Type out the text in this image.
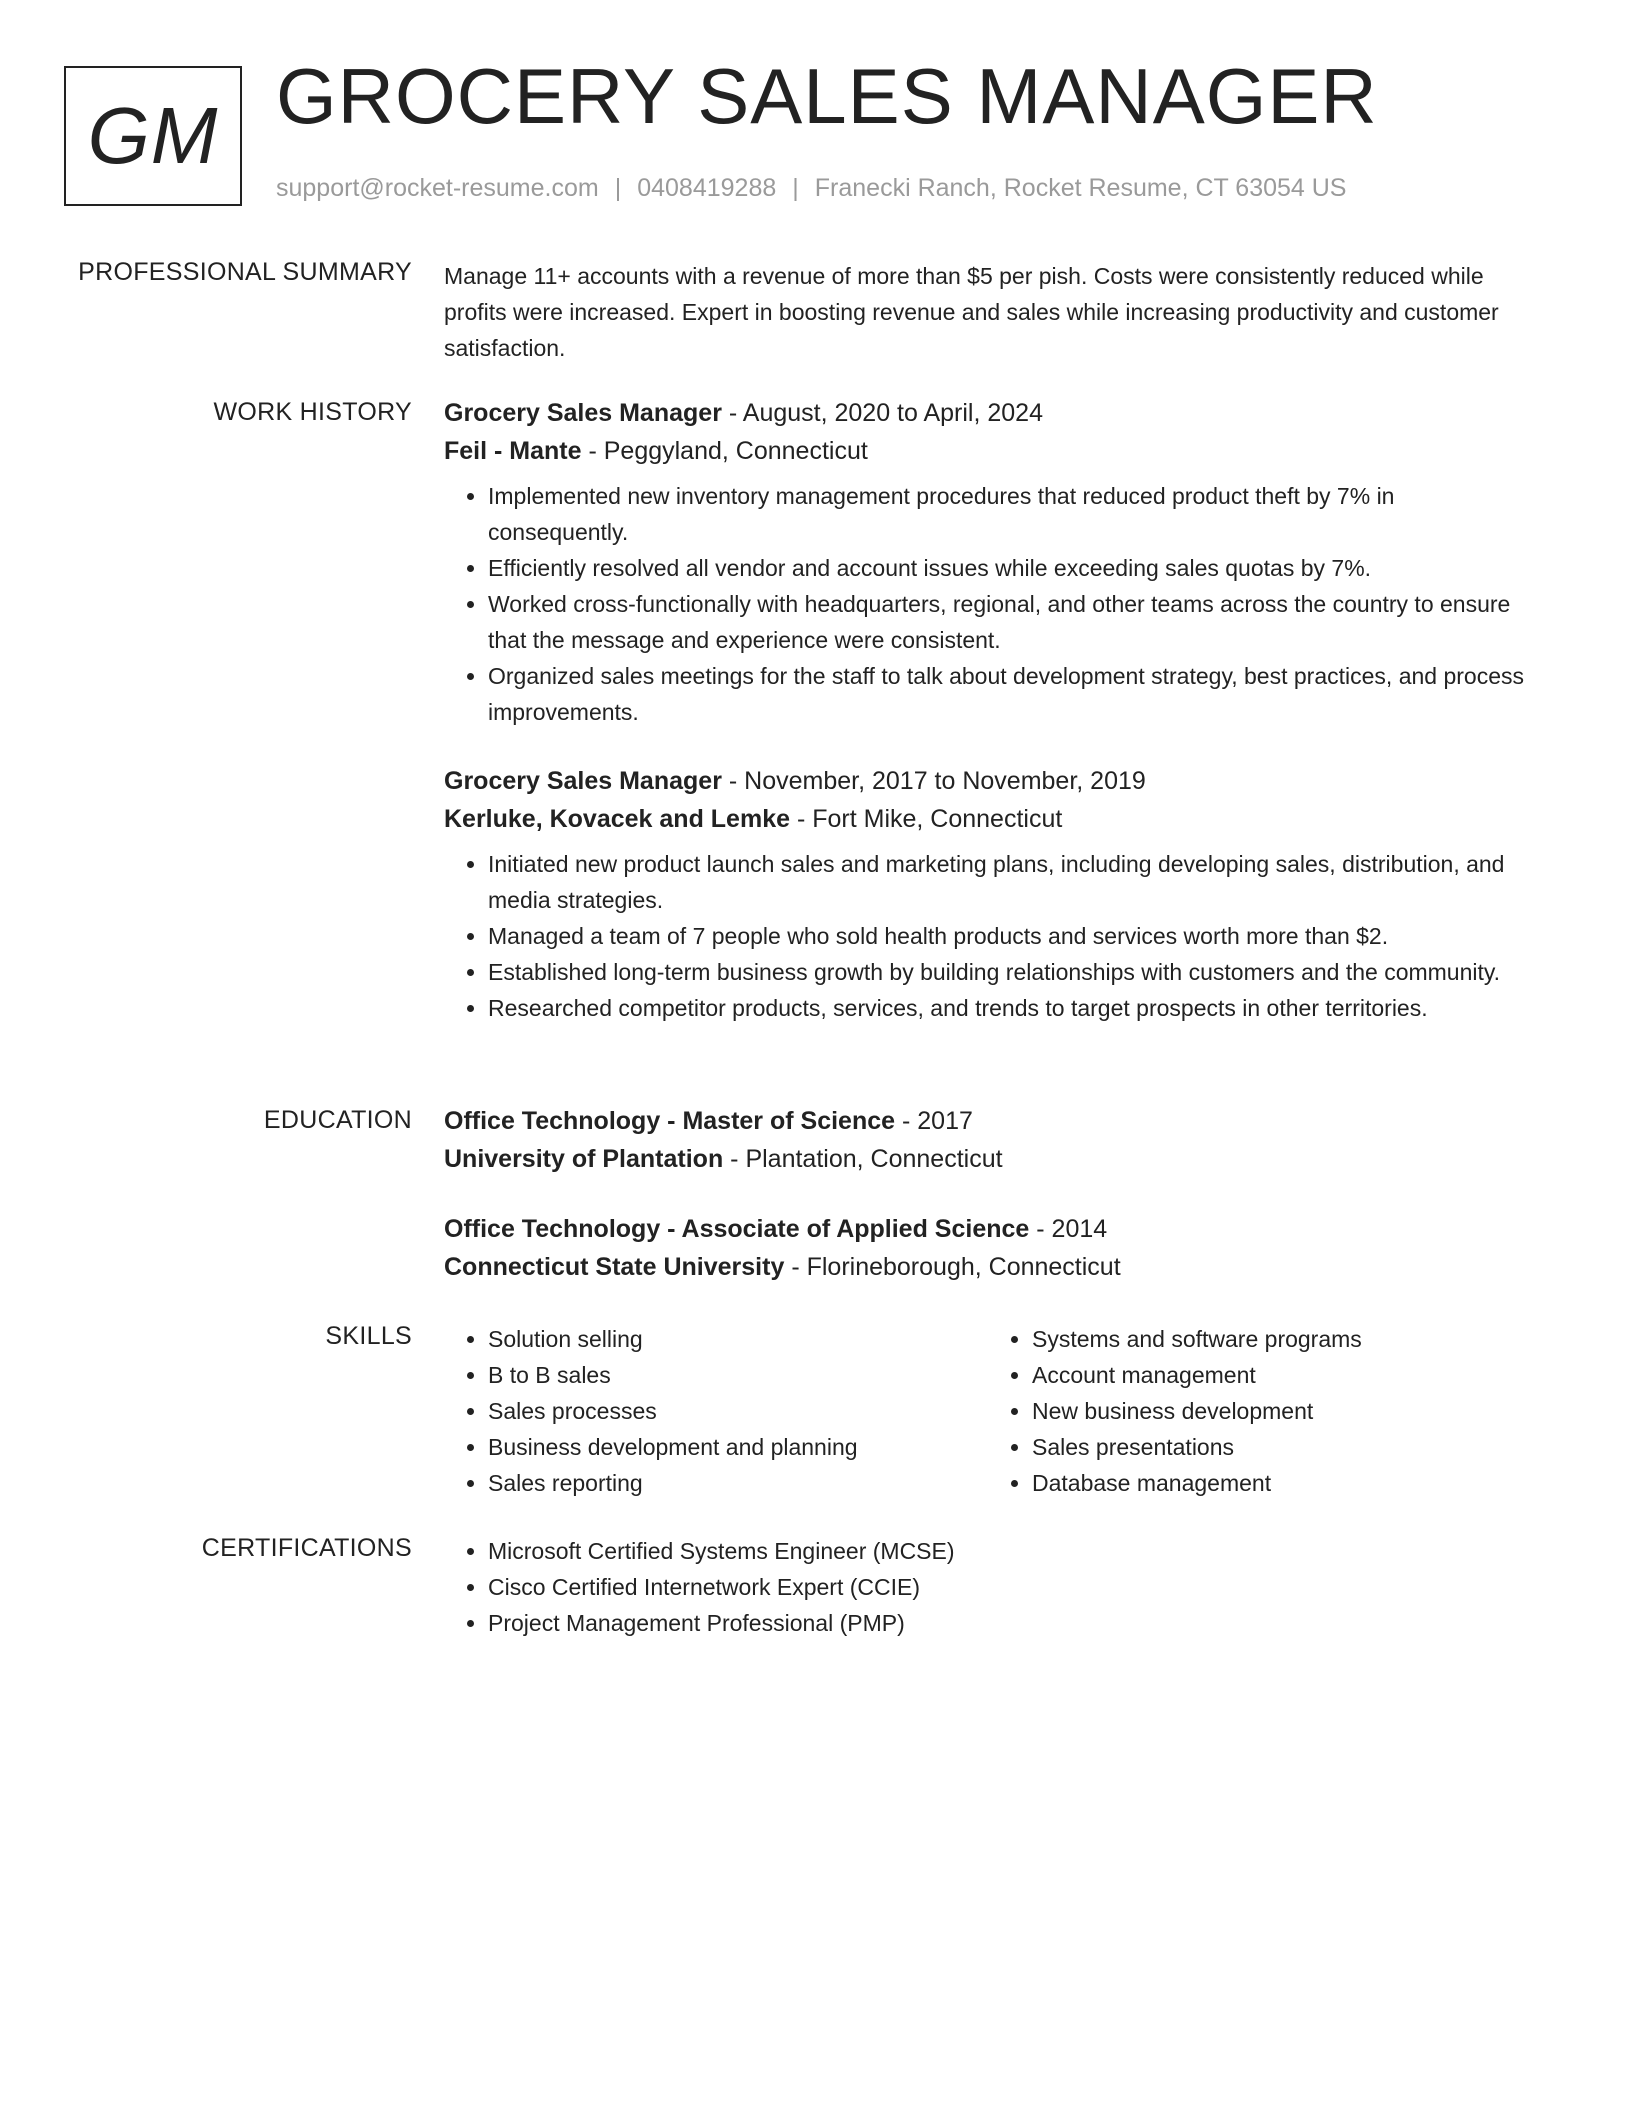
GM GROCERY SALES MANAGER
support@rocket-resume.com | 0408419288 | Franecki Ranch, Rocket Resume, CT 63054 US
PROFESSIONAL SUMMARY Manage 11+ accounts with a revenue of more than $5 per pish. Costs were consistently reduced while profits were increased. Expert in boosting revenue and sales while increasing productivity and customer satisfaction.

WORK HISTORY Grocery Sales Manager - August, 2020 to April, 2024
Feil - Mante - Peggyland, Connecticut
• Implemented new inventory management procedures that reduced product theft by 7% in consequently.
• Efficiently resolved all vendor and account issues while exceeding sales quotas by 7%.
• Worked cross-functionally with headquarters, regional, and other teams across the country to ensure that the message and experience were consistent.
• Organized sales meetings for the staff to talk about development strategy, best practices, and process improvements.
Grocery Sales Manager - November, 2017 to November, 2019
Kerluke, Kovacek and Lemke - Fort Mike, Connecticut
• Initiated new product launch sales and marketing plans, including developing sales, distribution, and media strategies.
• Managed a team of 7 people who sold health products and services worth more than $2.
• Established long-term business growth by building relationships with customers and the community.
• Researched competitor products, services, and trends to target prospects in other territories.
EDUCATION Office Technology - Master of Science - 2017
University of Plantation - Plantation, Connecticut
Office Technology - Associate of Applied Science - 2014
Connecticut State University - Florineborough, Connecticut
SKILLS	• Solution selling
• B to B sales
• Sales processes
• Business development and planning
• Sales reporting
• Systems and software programs
• Account management
• New business development
• Sales presentations
• Database management
CERTIFICATIONS	• Microsoft Certified Systems Engineer (MCSE)
• Cisco Certified Internetwork Expert (CCIE)
• Project Management Professional (PMP)
